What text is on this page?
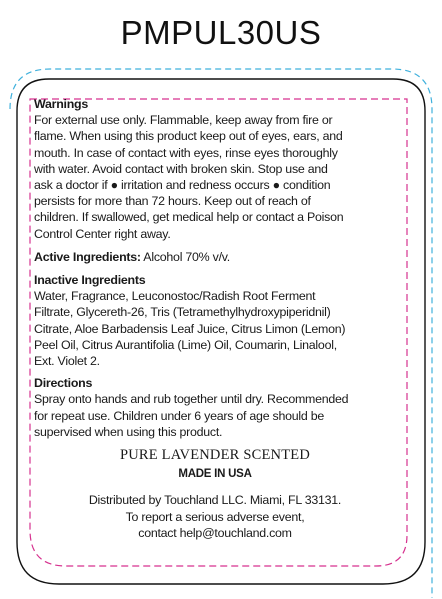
PMPUL30US

Warnings

For external use only. Flammable, keep away from fire or

flame. When using this product keep out of eyes, ears, and

mouth. In case of contact with eyes, rinse eyes thoroughly

with water. Avoid contact with broken skin. Stop use and

ask a doctor if ● irritation and redness occurs ● condition

persists for more than 72 hours. Keep out of reach of

children. If swallowed, get medical help or contact a Poison

Control Center right away.

Active Ingredients: Alcohol 70% v/v.

Inactive Ingredients

Water, Fragrance, Leuconostoc/Radish Root Ferment

Filtrate, Glycereth-26, Tris (Tetramethylhydroxypiperidnil)

Citrate, Aloe Barbadensis Leaf Juice, Citrus Limon (Lemon)

Peel Oil, Citrus Aurantifolia (Lime) Oil, Coumarin, Linalool,

Ext. Violet 2.

Directions

Spray onto hands and rub together until dry. Recommended

for repeat use. Children under 6 years of age should be

supervised when using this product.

PURE LAVENDER SCENTED

MADE IN USA

Distributed by Touchland LLC. Miami, FL 33131.

To report a serious adverse event,

contact help@touchland.com
